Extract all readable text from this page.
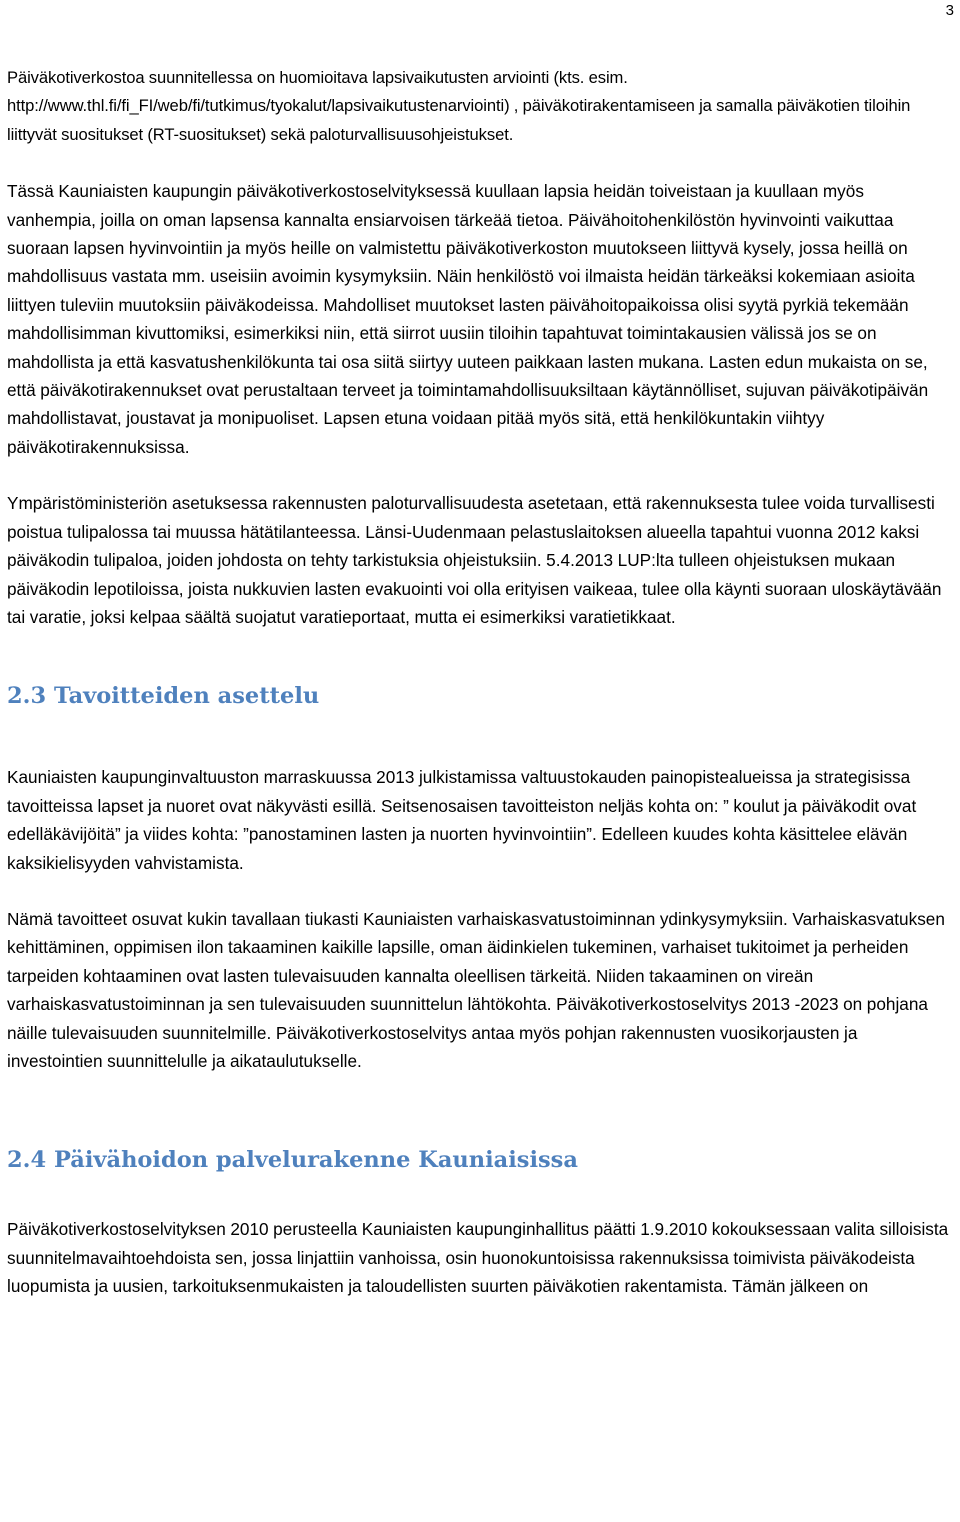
3

Päiväkotiverkostoa suunnitellessa on huomioitava lapsivaikutusten arviointi (kts. esim. http://www.thl.fi/fi_FI/web/fi/tutkimus/tyokalut/lapsivaikutustenarviointi) , päiväkotirakentamiseen ja samalla päiväkotien tiloihin liittyvät suositukset (RT-suositukset) sekä paloturvallisuusohjeistukset.

Tässä Kauniaisten kaupungin päiväkotiverkostoselvityksessä kuullaan lapsia heidän toiveistaan ja kuullaan myös vanhempia, joilla on oman lapsensa kannalta ensiarvoisen tärkeää tietoa. Päivähoitohenkilöstön hyvinvointi vaikuttaa suoraan lapsen hyvinvointiin ja myös heille on valmistettu päiväkotiverkoston muutokseen liittyvä kysely, jossa heillä on mahdollisuus vastata mm. useisiin avoimin kysymyksiin. Näin henkilöstö voi ilmaista heidän tärkeäksi kokemiaan asioita liittyen tuleviin muutoksiin päiväkodeissa. Mahdolliset muutokset lasten päivähoitopaikoissa olisi syytä pyrkiä tekemään mahdollisimman kivuttomiksi, esimerkiksi niin, että siirrot uusiin tiloihin tapahtuvat toimintakausien välissä jos se on mahdollista ja että kasvatushenkilökunta tai osa siitä siirtyy uuteen paikkaan lasten mukana. Lasten edun mukaista on se, että päiväkotirakennukset ovat perustaltaan terveet ja toimintamahdollisuuksiltaan käytännölliset, sujuvan päiväkotipäivän mahdollistavat, joustavat ja monipuoliset. Lapsen etuna voidaan pitää myös sitä, että henkilökuntakin viihtyy päiväkotirakennuksissa.

Ympäristöministeriön asetuksessa rakennusten paloturvallisuudesta asetetaan, että rakennuksesta tulee voida turvallisesti poistua tulipalossa tai muussa hätätilanteessa. Länsi-Uudenmaan pelastuslaitoksen alueella tapahtui vuonna 2012 kaksi päiväkodin tulipaloa, joiden johdosta on tehty tarkistuksia ohjeistuksiin. 5.4.2013 LUP:lta tulleen ohjeistuksen mukaan päiväkodin lepotiloissa, joista nukkuvien lasten evakuointi voi olla erityisen vaikeaa, tulee olla käynti suoraan uloskäytävään tai varatie, joksi kelpaa säältä suojatut varatieportaat, mutta ei esimerkiksi varatietikkaat.

2.3 Tavoitteiden asettelu

Kauniaisten kaupunginvaltuuston marraskuussa 2013 julkistamissa valtuustokauden painopistealueissa ja strategisissa tavoitteissa lapset ja nuoret ovat näkyvästi esillä. Seitsenosaisen tavoitteiston neljäs kohta on: ” koulut ja päiväkodit ovat edelläkävijöitä” ja viides kohta: ”panostaminen lasten ja nuorten hyvinvointiin”. Edelleen kuudes kohta käsittelee elävän kaksikielisyyden vahvistamista.

Nämä tavoitteet osuvat kukin tavallaan tiukasti Kauniaisten varhaiskasvatustoiminnan ydinkysymyksiin. Varhaiskasvatuksen kehittäminen, oppimisen ilon takaaminen kaikille lapsille, oman äidinkielen tukeminen, varhaiset tukitoimet ja perheiden tarpeiden kohtaaminen ovat lasten tulevaisuuden kannalta oleellisen tärkeitä. Niiden takaaminen on vireän varhaiskasvatustoiminnan ja sen tulevaisuuden suunnittelun lähtökohta. Päiväkotiverkostoselvitys 2013 -2023 on pohjana näille tulevaisuuden suunnitelmille. Päiväkotiverkostoselvitys antaa myös pohjan rakennusten vuosikorjausten ja investointien suunnittelulle ja aikataulutukselle.

2.4 Päivähoidon palvelurakenne Kauniaisissa

Päiväkotiverkostoselvityksen 2010 perusteella Kauniaisten kaupunginhallitus päätti 1.9.2010 kokouksessaan valita silloisista suunnitelmavaihtoehdoista sen, jossa linjattiin vanhoissa, osin huonokuntoisissa rakennuksissa toimivista päiväkodeista luopumista ja uusien, tarkoituksenmukaisten ja taloudellisten suurten päiväkotien rakentamista. Tämän jälkeen on
